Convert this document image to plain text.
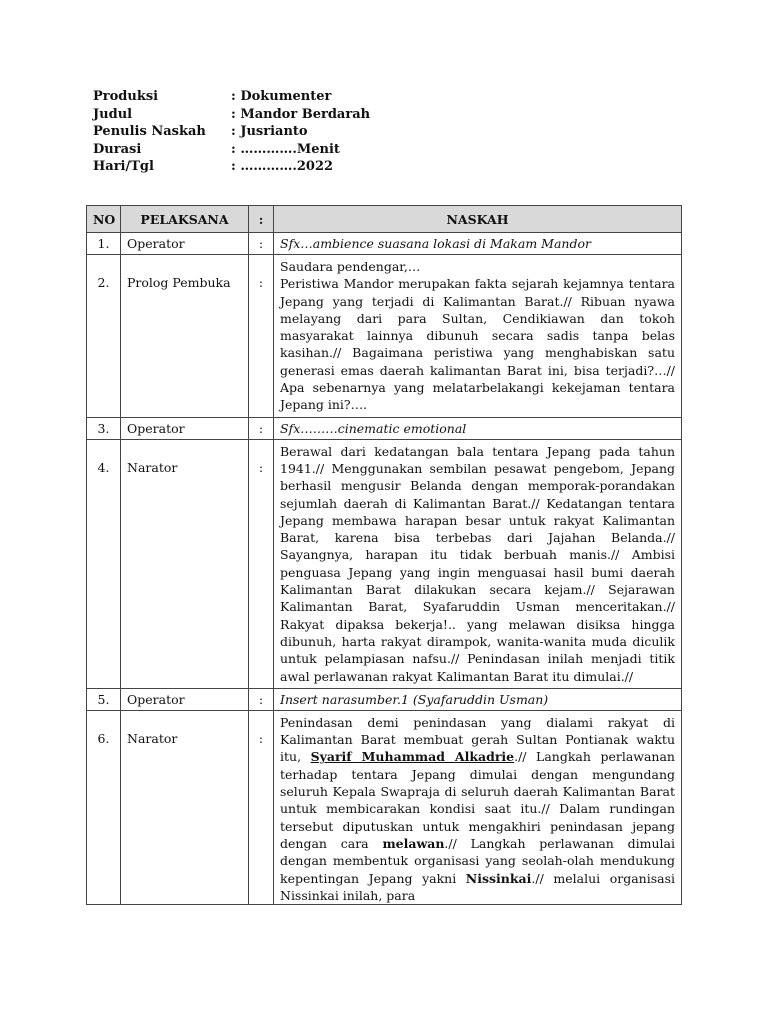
Produksi	: Dokumenter
Judul	: Mandor Berdarah
Penulis Naskah	: Jusrianto
Durasi	: ………….Menit
Hari/Tgl	: ………….2022
NO	PELAKSANA	:	NASKAH
1.	Operator	:	Sfx…ambience suasana lokasi di Makam Mandor
2.	Prolog Pembuka	:	Saudara pendengar,…
Peristiwa Mandor merupakan fakta sejarah kejamnya tentara Jepang yang terjadi di Kalimantan Barat.// Ribuan nyawa melayang dari para Sultan, Cendikiawan dan tokoh masyarakat lainnya dibunuh secara sadis tanpa belas kasihan.// Bagaimana peristiwa yang menghabiskan satu generasi emas daerah kalimantan Barat ini, bisa terjadi?…// Apa sebenarnya yang melatarbelakangi kekejaman tentara Jepang ini?….
3.	Operator	:	Sfx………cinematic emotional
4.	Narator	:	Berawal dari kedatangan bala tentara Jepang pada tahun 1941.// Menggunakan sembilan pesawat pengebom, Jepang berhasil mengusir Belanda dengan memporak-porandakan sejumlah daerah di Kalimantan Barat.// Kedatangan tentara Jepang membawa harapan besar untuk rakyat Kalimantan Barat, karena bisa terbebas dari Jajahan Belanda.// Sayangnya, harapan itu tidak berbuah manis.// Ambisi penguasa Jepang yang ingin menguasai hasil bumi daerah Kalimantan Barat dilakukan secara kejam.// Sejarawan Kalimantan Barat, Syafaruddin Usman menceritakan.// Rakyat dipaksa bekerja!.. yang melawan disiksa hingga dibunuh, harta rakyat dirampok, wanita-wanita muda diculik untuk pelampiasan nafsu.// Penindasan inilah menjadi titik awal perlawanan rakyat Kalimantan Barat itu dimulai.//
5.	Operator	:	Insert narasumber.1 (Syafaruddin Usman)
6.	Narator	:	Penindasan demi penindasan yang dialami rakyat di Kalimantan Barat membuat gerah Sultan Pontianak waktu itu, Syarif Muhammad Alkadrie.// Langkah perlawanan terhadap tentara Jepang dimulai dengan mengundang seluruh Kepala Swapraja di seluruh daerah Kalimantan Barat untuk membicarakan kondisi saat itu.// Dalam rundingan tersebut diputuskan untuk mengakhiri penindasan jepang dengan cara melawan.// Langkah perlawanan dimulai dengan membentuk organisasi yang seolah-olah mendukung kepentingan Jepang yakni Nissinkai.// melalui organisasi Nissinkai inilah, para
